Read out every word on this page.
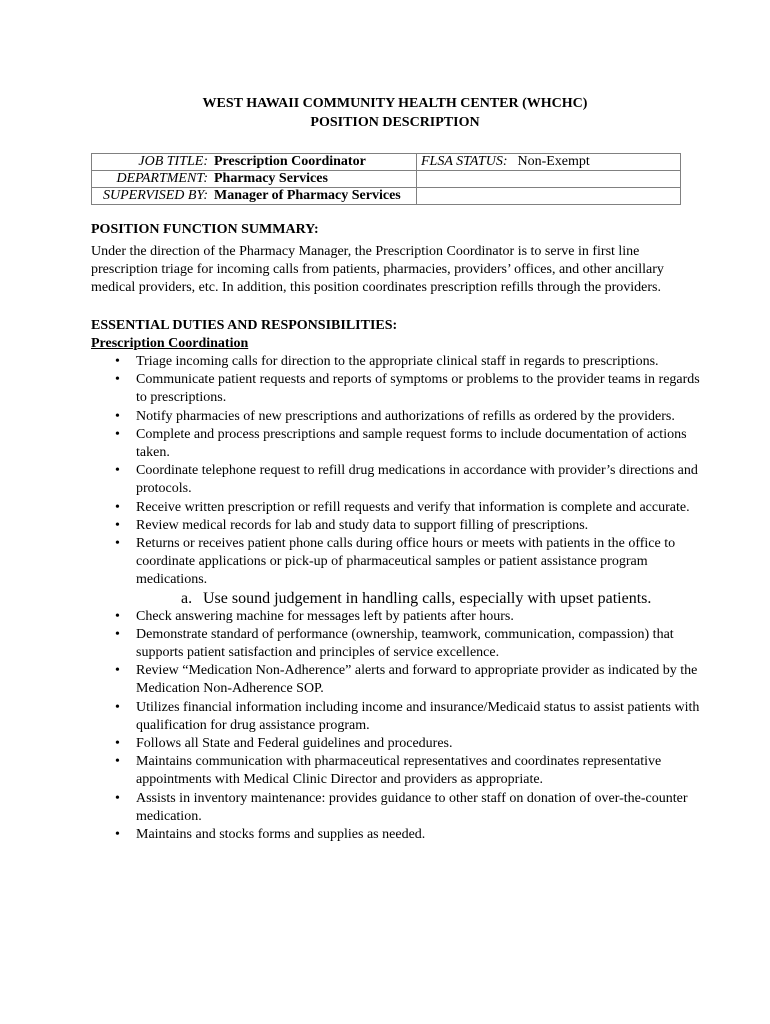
WEST HAWAII COMMUNITY HEALTH CENTER (WHCHC)

POSITION DESCRIPTION

JOB TITLE: Prescription Coordinator	FLSA STATUS: Non-Exempt
DEPARTMENT: Pharmacy Services	
SUPERVISED BY: Manager of Pharmacy Services	
POSITION FUNCTION SUMMARY:

Under the direction of the Pharmacy Manager, the Prescription Coordinator is to serve in first line prescription triage for incoming calls from patients, pharmacies, providers’ offices, and other ancillary medical providers, etc. In addition, this position coordinates prescription refills through the providers.

ESSENTIAL DUTIES AND RESPONSIBILITIES:
Prescription Coordination
• Triage incoming calls for direction to the appropriate clinical staff in regards to prescriptions.
• Communicate patient requests and reports of symptoms or problems to the provider teams in regards to prescriptions.
• Notify pharmacies of new prescriptions and authorizations of refills as ordered by the providers.
• Complete and process prescriptions and sample request forms to include documentation of actions taken.
• Coordinate telephone request to refill drug medications in accordance with provider’s directions and protocols.
• Receive written prescription or refill requests and verify that information is complete and accurate.
• Review medical records for lab and study data to support filling of prescriptions.
• Returns or receives patient phone calls during office hours or meets with patients in the office to coordinate applications or pick-up of pharmaceutical samples or patient assistance program medications.
a. Use sound judgement in handling calls, especially with upset patients.
• Check answering machine for messages left by patients after hours.
• Demonstrate standard of performance (ownership, teamwork, communication, compassion) that supports patient satisfaction and principles of service excellence.
• Review “Medication Non-Adherence” alerts and forward to appropriate provider as indicated by the Medication Non-Adherence SOP.
• Utilizes financial information including income and insurance/Medicaid status to assist patients with qualification for drug assistance program.
• Follows all State and Federal guidelines and procedures.
• Maintains communication with pharmaceutical representatives and coordinates representative appointments with Medical Clinic Director and providers as appropriate.
• Assists in inventory maintenance: provides guidance to other staff on donation of over-the-counter medication.
• Maintains and stocks forms and supplies as needed.
